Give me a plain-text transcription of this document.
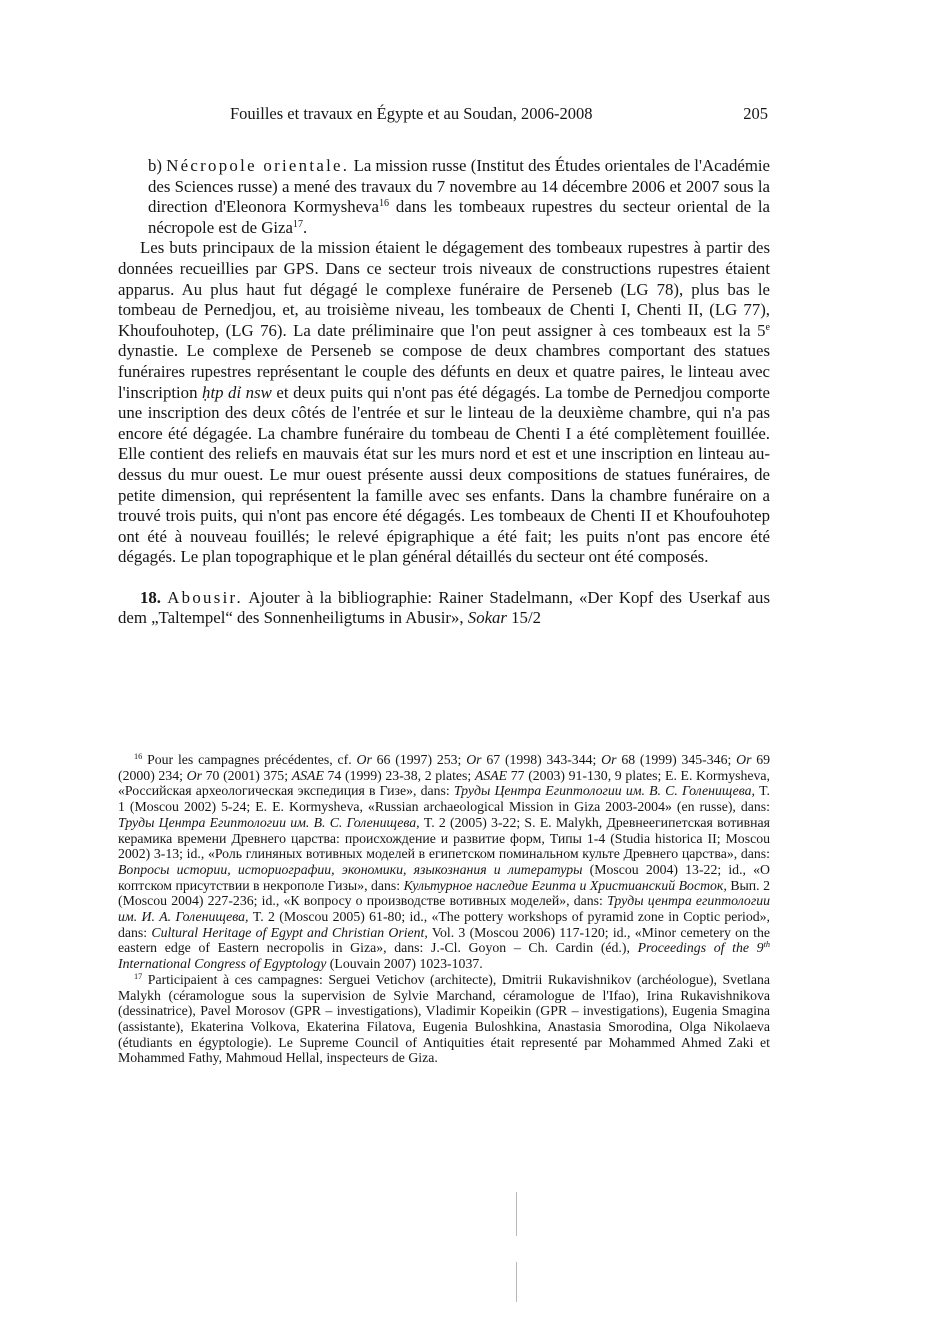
Fouilles et travaux en Égypte et au Soudan, 2006-2008	205

b) Nécropole orientale. La mission russe (Institut des Études orientales de l'Académie des Sciences russe) a mené des travaux du 7 novembre au 14 décembre 2006 et 2007 sous la direction d'Eleonora Kormysheva$^{16}$ dans les tombeaux rupestres du secteur oriental de la nécropole est de Giza$^{17}$.

Les buts principaux de la mission étaient le dégagement des tombeaux rupestres à partir des données recueillies par GPS. Dans ce secteur trois niveaux de constructions rupestres étaient apparus. Au plus haut fut dégagé le complexe funéraire de Perseneb (LG 78), plus bas le tombeau de Pernedjou, et, au troisième niveau, les tombeaux de Chenti I, Chenti II, (LG 77), Khoufouhotep, (LG 76). La date préliminaire que l'on peut assigner à ces tombeaux est la 5e dynastie. Le complexe de Perseneb se compose de deux chambres comportant des statues funéraires rupestres représentant le couple des défunts en deux et quatre paires, le linteau avec l'inscription ḥtp dỉ nsw et deux puits qui n'ont pas été dégagés. La tombe de Pernedjou comporte une inscription des deux côtés de l'entrée et sur le linteau de la deuxième chambre, qui n'a pas encore été dégagée. La chambre funéraire du tombeau de Chenti I a été complètement fouillée. Elle contient des reliefs en mauvais état sur les murs nord et est et une inscription en linteau au-dessus du mur ouest. Le mur ouest présente aussi deux compositions de statues funéraires, de petite dimension, qui représentent la famille avec ses enfants. Dans la chambre funéraire on a trouvé trois puits, qui n'ont pas encore été dégagés. Les tombeaux de Chenti II et Khoufouhotep ont été à nouveau fouillés; le relevé épigraphique a été fait; les puits n'ont pas encore été dégagés. Le plan topographique et le plan général détaillés du secteur ont été composés.

18. Abousir. Ajouter à la bibliographie: Rainer Stadelmann, «Der Kopf des Userkaf aus dem „Taltempel“ des Sonnenheiligtums in Abusir», Sokar 15/2

$^{16}$ Pour les campagnes précédentes, cf. Or 66 (1997) 253; Or 67 (1998) 343-344; Or 68 (1999) 345-346; Or 69 (2000) 234; Or 70 (2001) 375; ASAE 74 (1999) 23-38, 2 plates; ASAE 77 (2003) 91-130, 9 plates; E. E. Kormysheva, «Российская археологическая экспедиция в Гизе», dans: Труды Центра Египтологии им. В. С. Голенищева, T. 1 (Moscou 2002) 5-24; E. E. Kormysheva, «Russian archaeological Mission in Giza 2003-2004» (en russe), dans: Труды Центра Египтологии им. В. С. Голенищева, T. 2 (2005) 3-22; S. E. Malykh, Древнеегипетская вотивная керамика времени Древнего царства: происхождение и развитие форм, Типы 1-4 (Studia historica II; Moscou 2002) 3-13; id., «Роль глиняных вотивных моделей в египетском поминальном культе Древнего царства», dans: Вопросы истории, историографии, экономики, языкознания и литературы (Moscou 2004) 13-22; id., «О коптском присутствии в некрополе Гизы», dans: Культурное наследие Египта и Христианский Восток, Вып. 2 (Moscou 2004) 227-236; id., «К вопросу о производстве вотивных моделей», dans: Труды центра египтологии им. И. А. Голенищева, T. 2 (Moscou 2005) 61-80; id., «The pottery workshops of pyramid zone in Coptic period», dans: Cultural Heritage of Egypt and Christian Orient, Vol. 3 (Moscou 2006) 117-120; id., «Minor cemetery on the eastern edge of Eastern necropolis in Giza», dans: J.-Cl. Goyon – Ch. Cardin (éd.), Proceedings of the 9th International Congress of Egyptology (Louvain 2007) 1023-1037.

$^{17}$ Participaient à ces campagnes: Serguei Vetichov (architecte), Dmitrii Rukavishnikov (archéologue), Svetlana Malykh (céramologue sous la supervision de Sylvie Marchand, céramologue de l'Ifao), Irina Rukavishnikova (dessinatrice), Pavel Morosov (GPR – investigations), Vladimir Kopeikin (GPR – investigations), Eugenia Smagina (assistante), Ekaterina Volkova, Ekaterina Filatova, Eugenia Buloshkina, Anastasia Smorodina, Olga Nikolaeva (étudiants en égyptologie). Le Supreme Council of Antiquities était representé par Mohammed Ahmed Zaki et Mohammed Fathy, Mahmoud Hellal, inspecteurs de Giza.
